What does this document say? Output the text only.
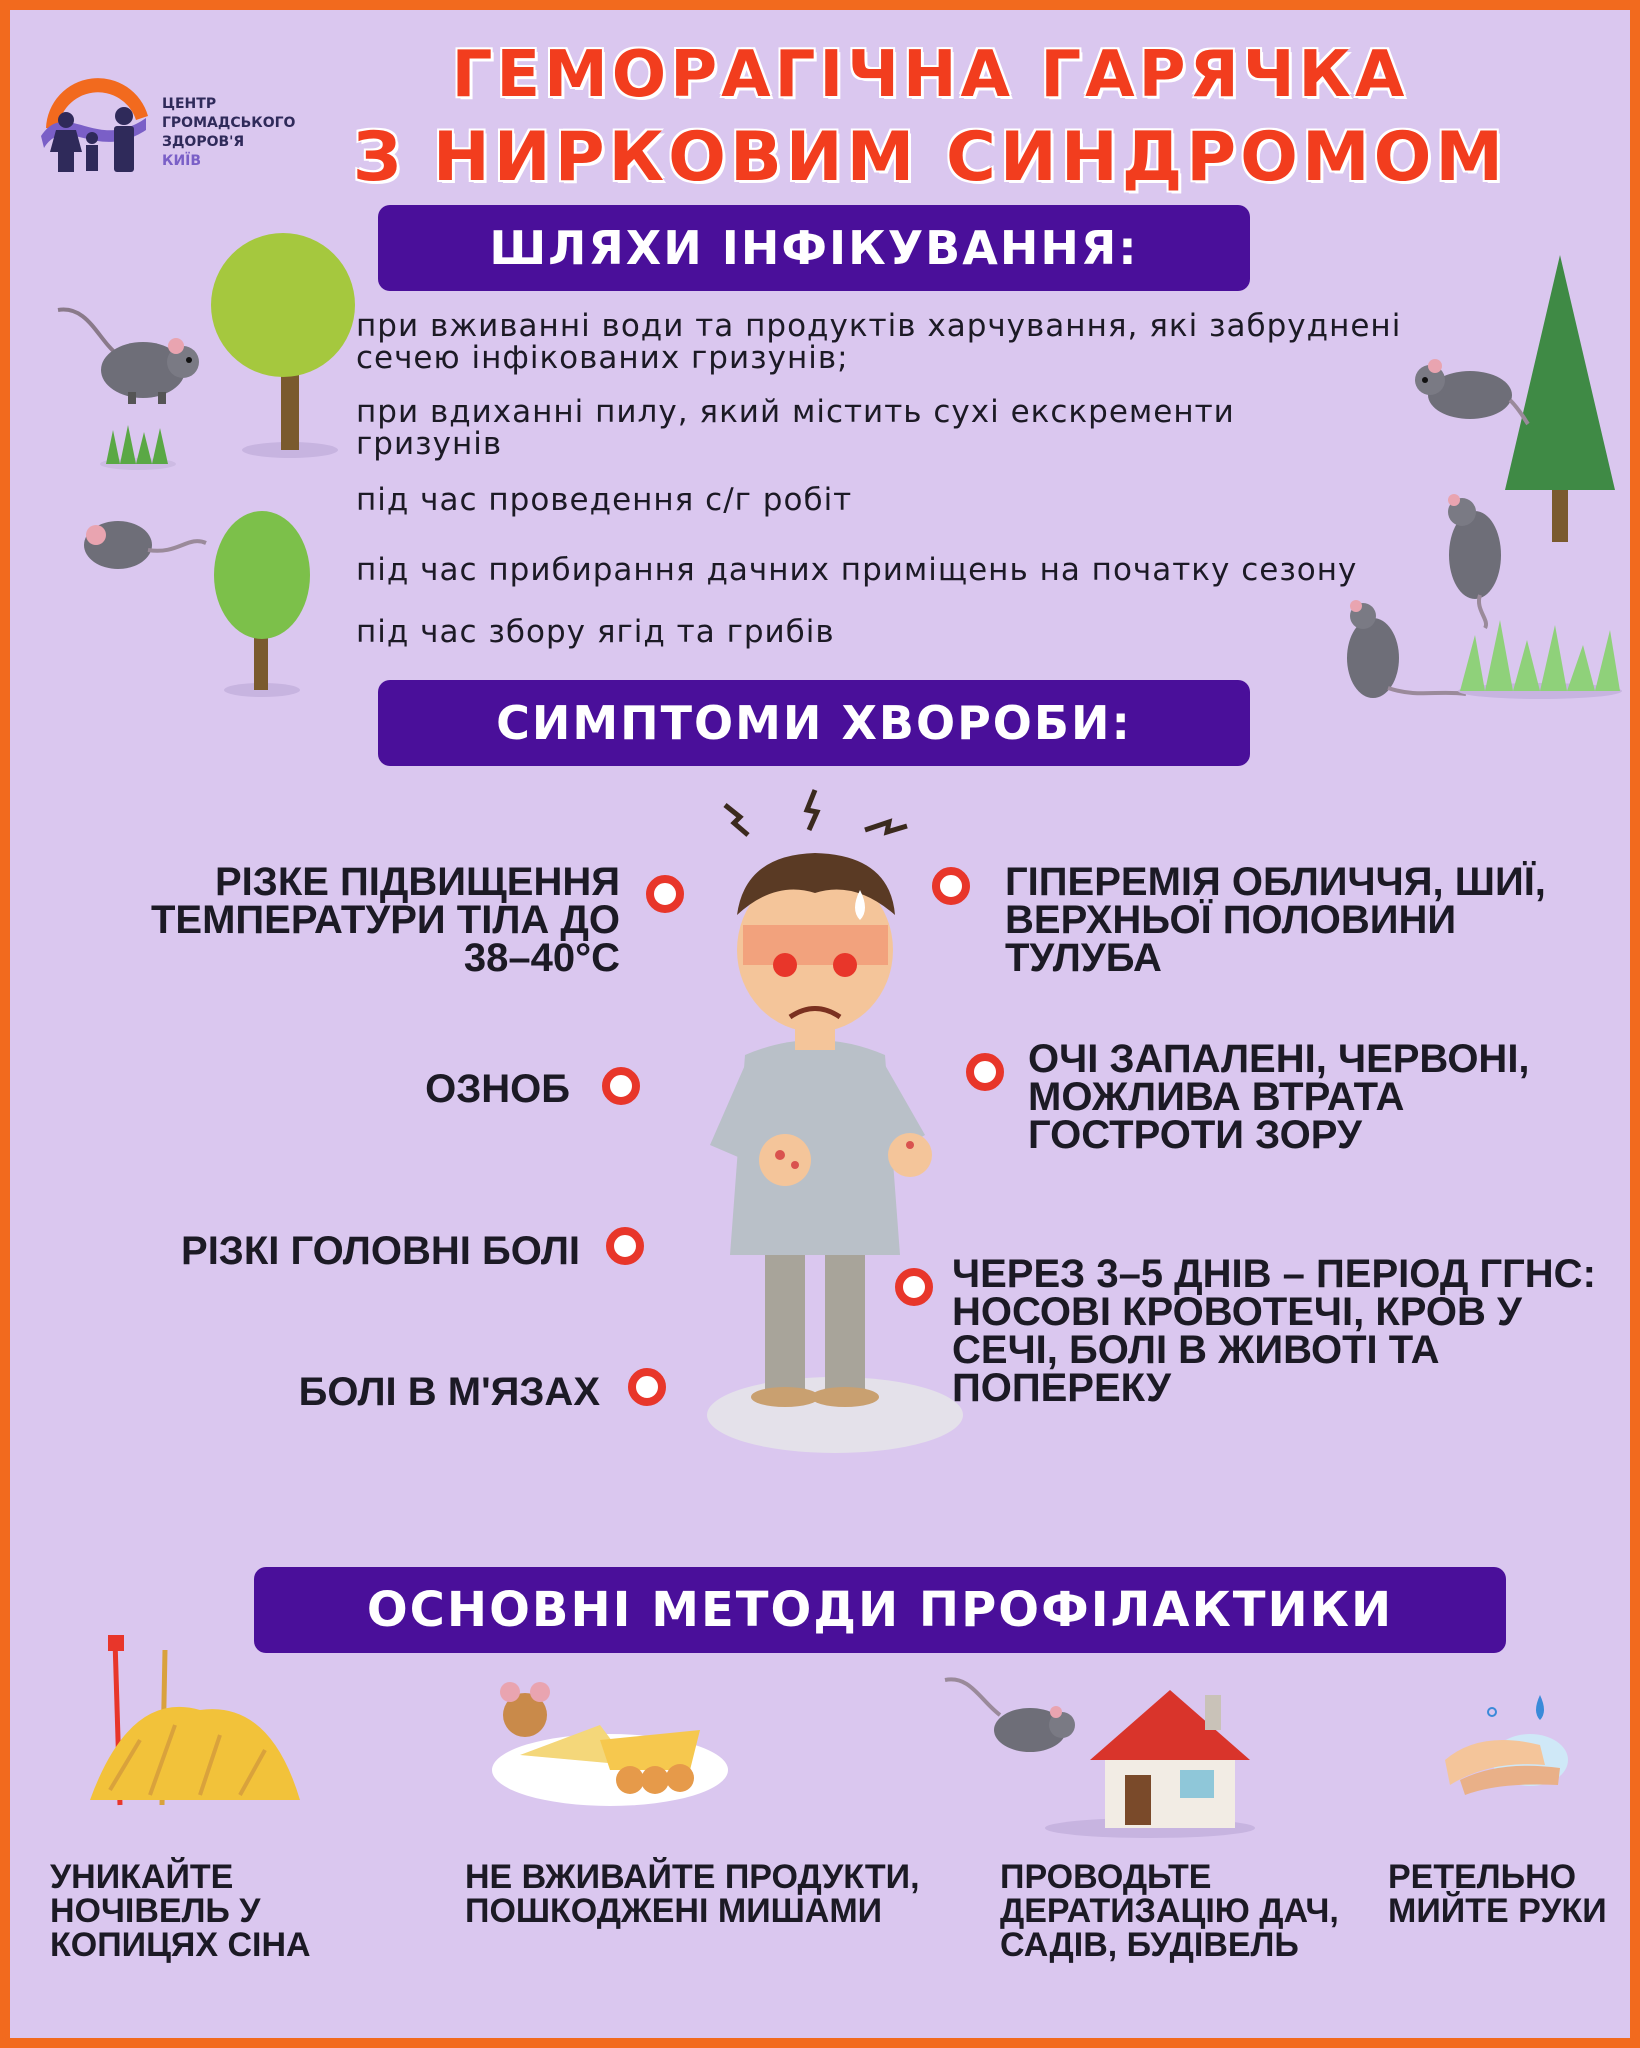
ЦЕНТР
ГРОМАДСЬКОГО
ЗДОРОВ'Я
КИЇВ
ГЕМОРАГІЧНА ГАРЯЧКА
З НИРКОВИМ СИНДРОМОМ
ШЛЯХИ ІНФІКУВАННЯ:
при вживанні води та продуктів харчування, які забруднені сечею інфікованих гризунів;
при вдиханні пилу, який містить сухі екскременти гризунів
під час проведення с/г робіт
під час прибирання дачних приміщень на початку сезону
під час збору ягід та грибів
СИМПТОМИ ХВОРОБИ:
РІЗКЕ ПІДВИЩЕННЯ ТЕМПЕРАТУРИ ТІЛА ДО 38–40°С
ОЗНОБ
РІЗКІ ГОЛОВНІ БОЛІ
БОЛІ В М'ЯЗАХ
ГІПЕРЕМІЯ ОБЛИЧЧЯ, ШИЇ, ВЕРХНЬОЇ ПОЛОВИНИ ТУЛУБА
ОЧІ ЗАПАЛЕНІ, ЧЕРВОНІ, МОЖЛИВА ВТРАТА ГОСТРОТИ ЗОРУ
ЧЕРЕЗ 3–5 ДНІВ – ПЕРІОД ГГНС: НОСОВІ КРОВОТЕЧІ, КРОВ У СЕЧІ, БОЛІ В ЖИВОТІ ТА ПОПЕРЕКУ
ОСНОВНІ МЕТОДИ ПРОФІЛАКТИКИ
УНИКАЙТЕ НОЧІВЕЛЬ У КОПИЦЯХ СІНА
НЕ ВЖИВАЙТЕ ПРОДУКТИ, ПОШКОДЖЕНІ МИШАМИ
ПРОВОДЬТЕ ДЕРАТИЗАЦІЮ ДАЧ, САДІВ, БУДІВЕЛЬ
РЕТЕЛЬНО МИЙТЕ РУКИ
